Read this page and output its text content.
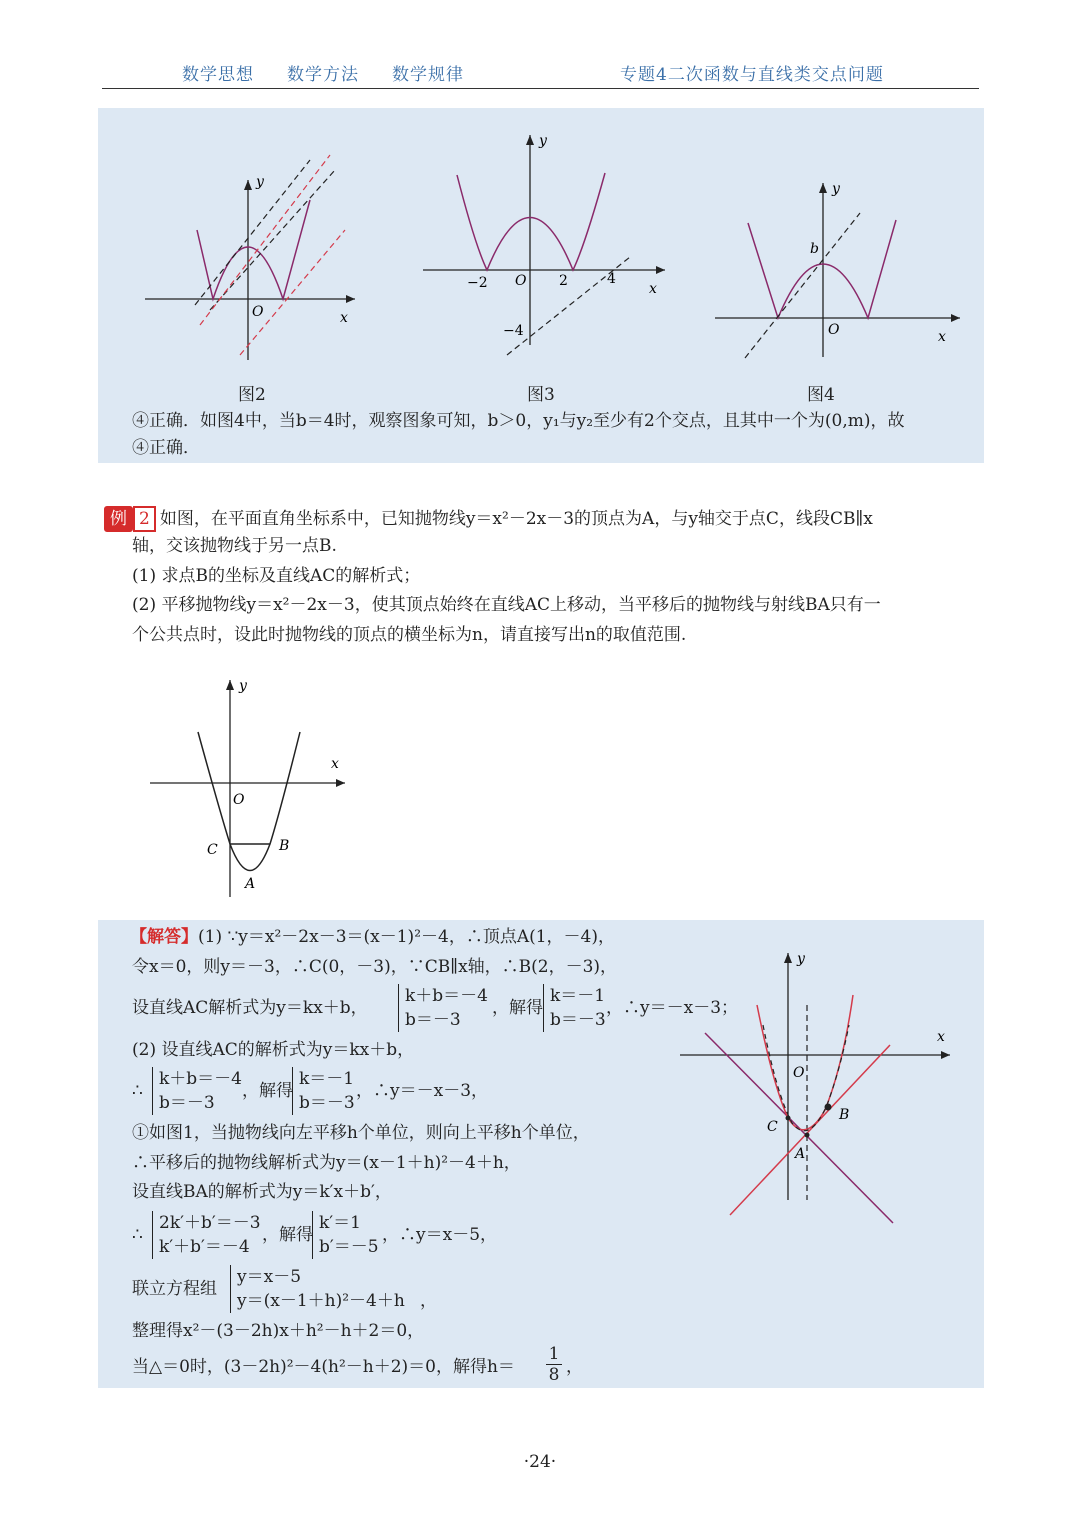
数学思想 数学方法 数学规律	专题4二次函数与直线类交点问题
y
x
O
图2
y
x
O
−2	2	4
−4
图3
y
x
O
b
图4
④正确．如图4中，当b＝4时，观察图象可知，b＞0，y₁与y₂至少有2个交点，且其中一个为(0,m)，故
④正确．
例 2 如图，在平面直角坐标系中，已知抛物线y＝x²－2x－3的顶点为A，与y轴交于点C，线段CB∥x
轴，交该抛物线于另一点B.
(1) 求点B的坐标及直线AC的解析式；
(2) 平移抛物线y＝x²－2x－3，使其顶点始终在直线AC上移动，当平移后的抛物线与射线BA只有一
个公共点时，设此时抛物线的顶点的横坐标为n，请直接写出n的取值范围.
y
x
O
C	B
A
【解答】(1) ∵y＝x²－2x－3＝(x－1)²－4，∴顶点A(1，－4)，
令x＝0，则y＝－3，∴C(0，－3)，∵CB∥x轴，∴B(2，－3)，
设直线AC解析式为y＝kx＋b，
k＋b＝－4
b＝－3
，解得
k＝－1
b＝－3
，∴y＝－x－3；
(2) 设直线AC的解析式为y＝kx＋b，
∴
k＋b＝－4
b＝－3
，解得
k＝－1
b＝－3
，∴y＝－x－3，
①如图1，当抛物线向左平移h个单位，则向上平移h个单位，
∴平移后的抛物线解析式为y＝(x－1＋h)²－4＋h，
设直线BA的解析式为y＝k′x＋b′，
∴
2k′＋b′＝－3
k′＋b′＝－4
，解得
k′＝1
b′＝－5
，∴y＝x－5，
联立方程组
y＝x－5
y＝(x－1＋h)²－4＋h ，
整理得x²－(3－2h)x＋h²－h＋2＝0，
当△＝0时，(3－2h)²－4(h²－h＋2)＝0，解得$h= \frac{1}{8}$ ，
y
x
O
C
B
A
·24·
